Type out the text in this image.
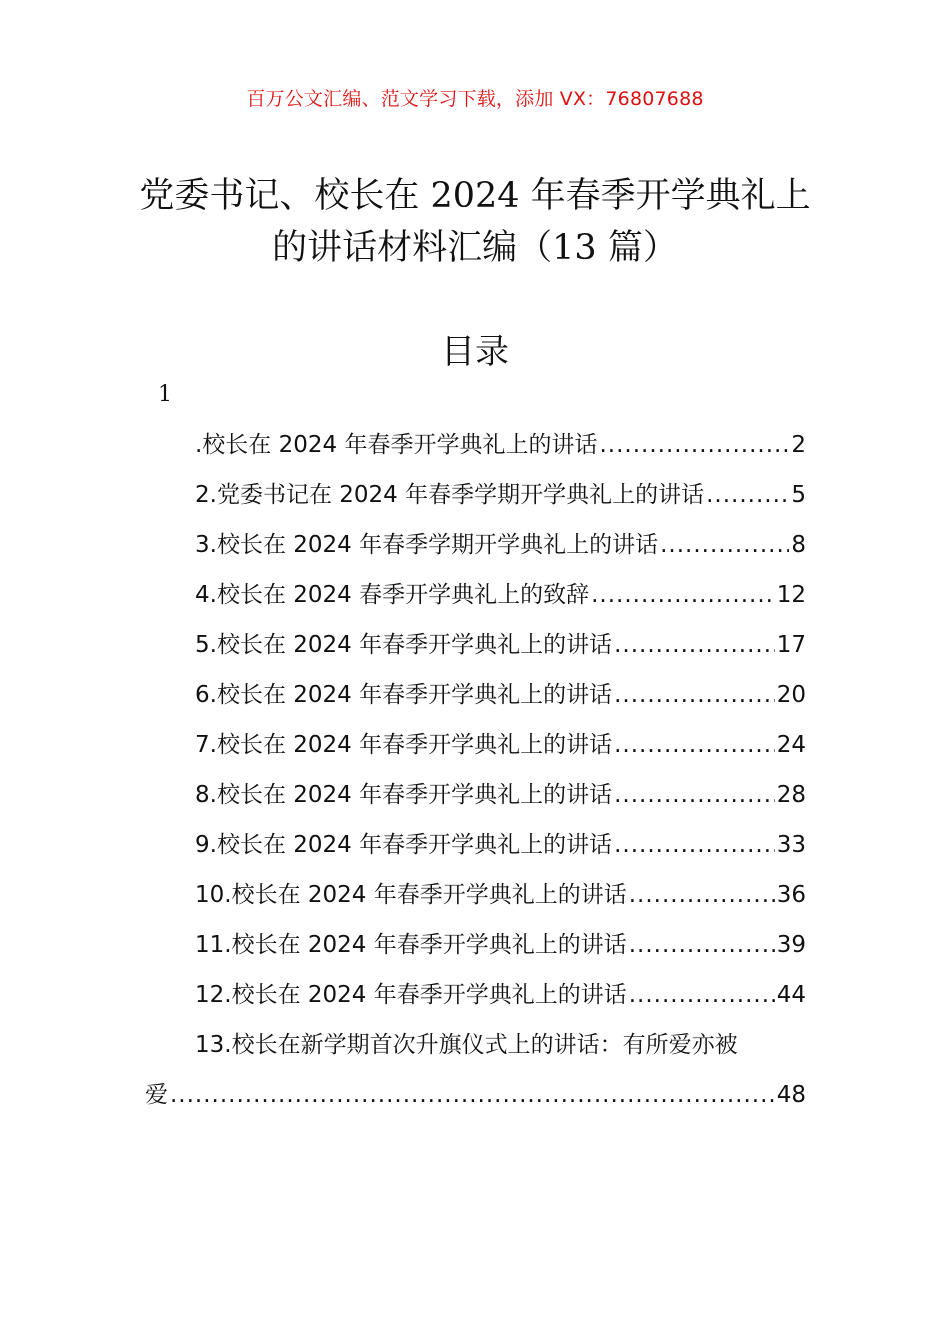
百万公文汇编、范文学习下载，添加 VX：76807688
党委书记、校长在 2024 年春季开学典礼上
的讲话材料汇编（13 篇）
目录
1
.校长在 2024 年春季开学典礼上的讲话 .....	2
2.党委书记在 2024 年春季学期开学典礼上的讲话 .....	5
3.校长在 2024 年春季学期开学典礼上的讲话 .....	8
4.校长在 2024 春季开学典礼上的致辞 .....	12
5.校长在 2024 年春季开学典礼上的讲话 .....	17
6.校长在 2024 年春季开学典礼上的讲话 .....	20
7.校长在 2024 年春季开学典礼上的讲话 .....	24
8.校长在 2024 年春季开学典礼上的讲话 .....	28
9.校长在 2024 年春季开学典礼上的讲话 .....	33
10.校长在 2024 年春季开学典礼上的讲话 .....	36
11.校长在 2024 年春季开学典礼上的讲话 .....	39
12.校长在 2024 年春季开学典礼上的讲话 .....	44
13.校长在新学期首次升旗仪式上的讲话：有所爱亦被
爱 .....	48
